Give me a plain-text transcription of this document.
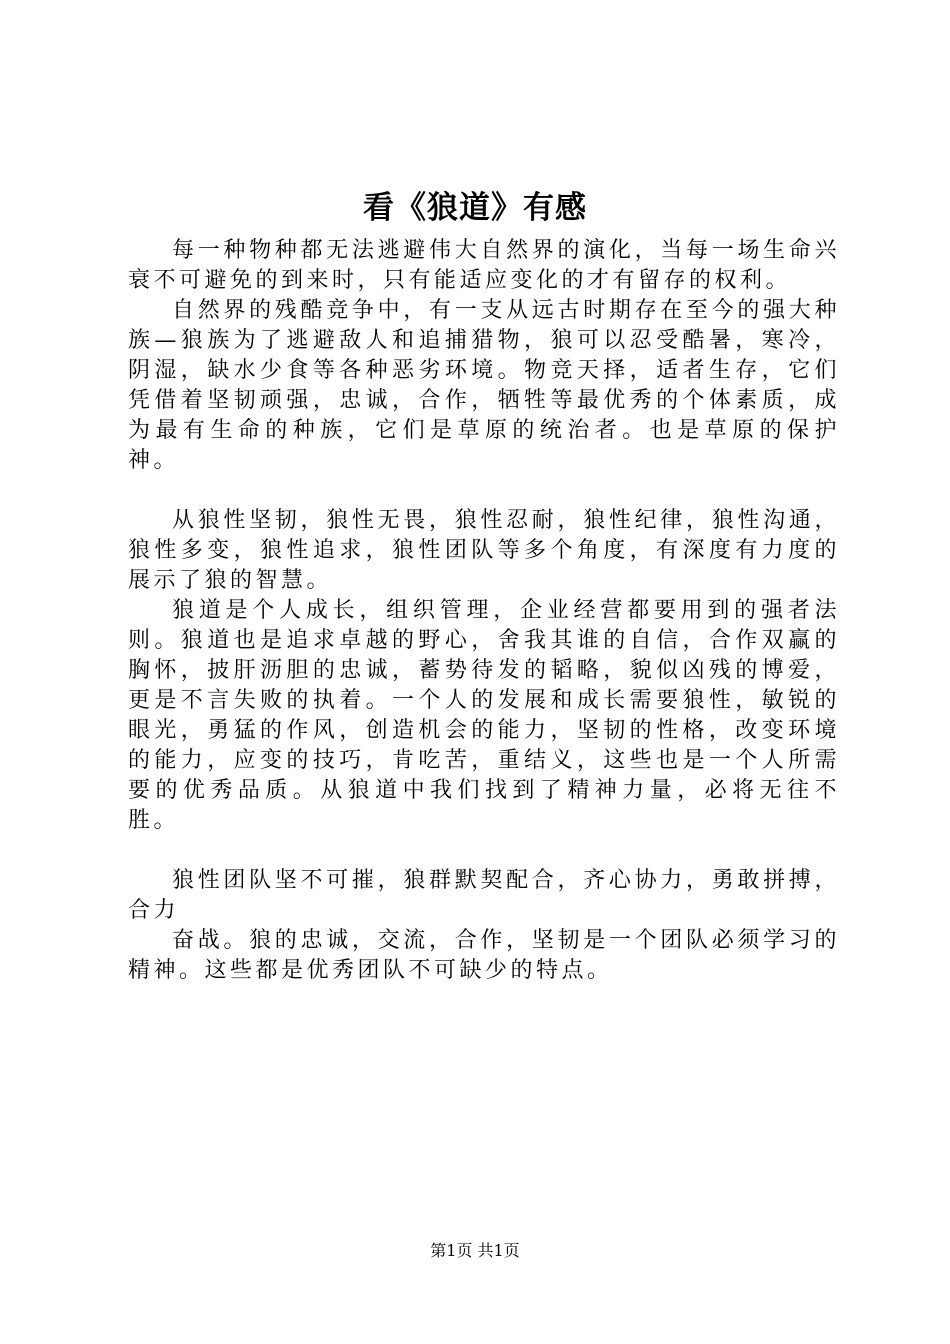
看《狼道》有感

每一种物种都无法逃避伟大自然界的演化，当每一场生命兴衰不可避免的到来时，只有能适应变化的才有留存的权利。

自然界的残酷竞争中，有一支从远古时期存在至今的强大种族—狼族为了逃避敌人和追捕猎物，狼可以忍受酷暑，寒冷，阴湿，缺水少食等各种恶劣环境。物竞天择，适者生存，它们凭借着坚韧顽强，忠诚，合作，牺牲等最优秀的个体素质，成为最有生命的种族，它们是草原的统治者。也是草原的保护神。

从狼性坚韧，狼性无畏，狼性忍耐，狼性纪律，狼性沟通，狼性多变，狼性追求，狼性团队等多个角度，有深度有力度的展示了狼的智慧。

狼道是个人成长，组织管理，企业经营都要用到的强者法则。狼道也是追求卓越的野心，舍我其谁的自信，合作双赢的胸怀，披肝沥胆的忠诚，蓄势待发的韬略，貌似凶残的博爱，更是不言失败的执着。一个人的发展和成长需要狼性，敏锐的眼光，勇猛的作风，创造机会的能力，坚韧的性格，改变环境的能力，应变的技巧，肯吃苦，重结义，这些也是一个人所需要的优秀品质。从狼道中我们找到了精神力量，必将无往不胜。

狼性团队坚不可摧，狼群默契配合，齐心协力，勇敢拼搏，合力

奋战。狼的忠诚，交流，合作，坚韧是一个团队必须学习的精神。这些都是优秀团队不可缺少的特点。

第1页 共1页
